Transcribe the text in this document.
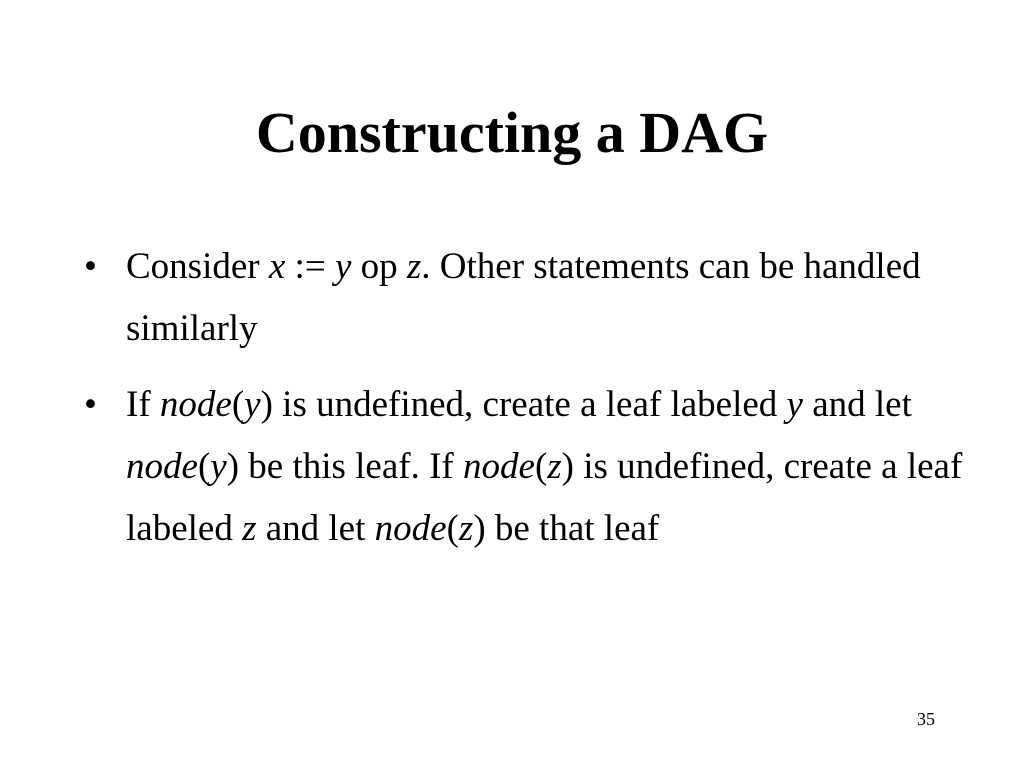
Constructing a DAG
• Consider x := y op z. Other statements can be handled similarly
• If node(y) is undefined, create a leaf labeled y and let node(y) be this leaf. If node(z) is undefined, create a leaf labeled z and let node(z) be that leaf
35
